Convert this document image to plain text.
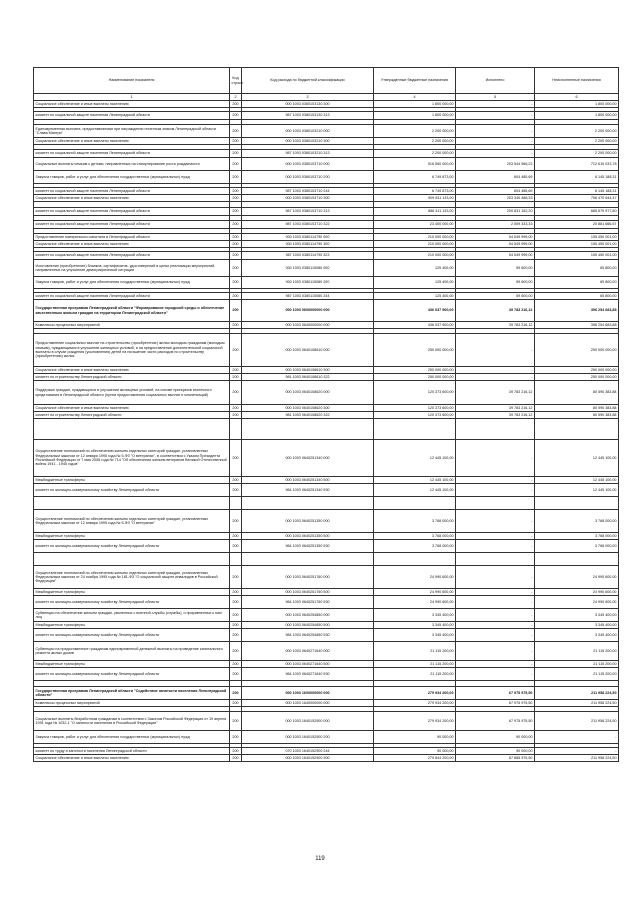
Наименование показателя	Код строки	Код расхода по бюджетной классификации	Утвержденные бюджетные назначения	Исполнено	Неисполненные назначения
1	2	3	4	5	6
Социальное обеспечение и иные выплаты населению	200	000 1003 0380103130 300	1 800 000,00	-	1 800 000,00

комитет по социальной защите населения Ленинградской области	200	987 1003 0380103130 313	1 800 000,00	-	1 800 000,00

Единовременная выплата, предоставляемая при награждении почетным знаком Ленинградской области "Слава Матери"	200	000 1003 0380103210 000	2 200 000,00	-	2 200 000,00
Социальное обеспечение и иные выплаты населению	200	000 1003 0380103210 300	2 200 000,00	-	2 200 000,00

комитет по социальной защите населения Ленинградской области	200	987 1003 0380103210 313	2 200 000,00	-	2 200 000,00
Социальные выплаты семьям с детьми, направленные на стимулирование роста рождаемости	200	000 1003 0380103710 000	916 560 000,00	203 944 966,22	712 615 033,78
Закупка товаров, работ и услуг для обеспечения государственных (муниципальных) нужд	200	000 1003 0380103710 200	6 749 873,00	604 485,69	6 145 188,31

комитет по социальной защите населения Ленинградской области	200	987 1003 0380103710 244	6 749 873,00	604 485,69	6 145 188,31
Социальное обеспечение и иные выплаты населению	200	000 1003 0380103710 300	909 811 133,00	203 340 488,33	706 470 644,47

комитет по социальной защите населения Ленинградской области	200	987 1003 0380103710 313	886 411 133,00	200 831 152,20	685 579 977,80

комитет по социальной защите населения Ленинградской области	200	987 1003 0380103710 322	23 400 000,00	2 509 333,33	20 881 666,67

Предоставление материнского капитала в Ленинградской области	200	000 1003 0380114790 000	210 000 000,00	54 549 999,00	155 450 001,00
Социальное обеспечение и иные выплаты населению	200	000 1003 0380114790 300	210 000 000,00	54 549 999,00	155 450 001,00

комитет по социальной защите населения Ленинградской области	200	987 1003 0380114790 323	210 000 000,00	54 549 999,00	155 450 001,00
Изготовление (приобретение) бланков, сертификатов, удостоверений в целях реализации мероприятий, направленных на улучшение демографической ситуации	200	000 1003 0380115080 000	125 400,00	59 600,00	65 800,00
Закупка товаров, работ и услуг для обеспечения государственных (муниципальных) нужд	200	000 1003 0380115080 200	125 400,00	59 600,00	65 800,00

комитет по социальной защите населения Ленинградской области	200	987 1003 0380115080 244	125 400,00	59 600,00	65 800,00
Государственная программа Ленинградской области "Формирование городской среды и обеспечение качественным жильем граждан на территории Ленинградской области"	200	000 1003 0600000000 000	436 037 900,00	39 783 216,12	396 254 683,88
Комплексы процессных мероприятий	200	000 1003 0640000000 000	436 037 900,00	39 783 216,12	396 254 683,88

Предоставление социальных выплат на строительство (приобретение) жилья молодым гражданам (молодым семьям), нуждающимся в улучшении жилищных условий, и на предоставление дополнительной социальной выплаты в случае рождения (усыновления) детей на погашение части расходов по строительству (приобретению) жилья	200	000 1003 0640108610 000	250 000 000,00	-	250 000 000,00
Социальное обеспечение и иные выплаты населению	200	000 1003 0640108610 300	250 000 000,00	-	250 000 000,00
комитет по строительству Ленинградской области	200	981 1003 0640108610 322	250 000 000,00	-	250 000 000,00
Поддержка граждан, нуждающихся в улучшении жилищных условий, на основе принципов ипотечного кредитования в Ленинградской области (путем предоставления социальных выплат и компенсаций)	200	000 1003 0640108620 000	120 373 600,00	39 783 216,12	80 590 383,88
Социальное обеспечение и иные выплаты населению	200	000 1003 0640108620 300	120 373 600,00	39 783 216,12	80 590 383,88
комитет по строительству Ленинградской области	200	981 1003 0640108620 322	120 373 600,00	39 783 216,12	80 590 383,88

Осуществление полномочий по обеспечению жильем отдельных категорий граждан, установленных Федеральным законом от 12 января 1995 года № 5-ФЗ "О ветеранах", в соответствии с Указом Президента Российской Федерации от 7 мая 2008 года № 714 "Об обеспечении жильем ветеранов Великой Отечественной войны 1941 - 1945 годов"	200	000 1003 0640251340 000	12 445 100,00	-	12 445 100,00
Межбюджетные трансферты	200	000 1003 0640251340 500	12 445 100,00	-	12 445 100,00
комитет по жилищно-коммунальному хозяйству Ленинградской области	200	984 1003 0640251340 530	12 445 100,00	-	12 445 100,00

Осуществление полномочий по обеспечению жильем отдельных категорий граждан, установленных Федеральным законом от 12 января 1995 года № 5-ФЗ "О ветеранах"	200	000 1003 0640251350 000	3 768 000,00	-	3 768 000,00
Межбюджетные трансферты	200	000 1003 0640251350 500	3 768 000,00	-	3 768 000,00
комитет по жилищно-коммунальному хозяйству Ленинградской области	200	984 1003 0640251350 530	3 768 000,00	-	3 768 000,00

Осуществление полномочий по обеспечению жильем отдельных категорий граждан, установленных Федеральным законом от 24 ноября 1995 года № 181-ФЗ "О социальной защите инвалидов в Российской Федерации"	200	000 1003 0640251760 000	24 990 600,00	-	24 990 600,00
Межбюджетные трансферты	200	000 1003 0640251760 500	24 990 600,00	-	24 990 600,00
комитет по жилищно-коммунальному хозяйству Ленинградской области	200	984 1003 0640251760 530	24 990 600,00	-	24 990 600,00
Субвенции на обеспечение жильем граждан, уволенных с военной службы (службы), и приравненных к ним лиц	200	000 1003 0640254850 000	3 345 400,00	-	3 345 400,00
Межбюджетные трансферты	200	000 1003 0640254850 500	3 345 400,00	-	3 345 400,00
комитет по жилищно-коммунальному хозяйству Ленинградской области	200	984 1003 0640254850 530	3 345 400,00	-	3 345 400,00
Субвенции на предоставление гражданам единовременной денежной выплаты на проведение капитального ремонта жилых домов	200	000 1003 0640271640 000	21 115 200,00	-	21 115 200,00
Межбюджетные трансферты	200	000 1003 0640271640 500	21 115 200,00	-	21 115 200,00
комитет по жилищно-коммунальному хозяйству Ленинградской области	200	984 1003 0640271640 530	21 115 200,00	-	21 115 200,00

Государственная программа Ленинградской области "Содействие занятости населения Ленинградской области"	200	000 1003 1600000000 000	279 934 200,00	67 975 975,50	211 958 224,50
Комплексы процессных мероприятий	200	000 1003 1640000000 000	279 934 200,00	67 975 975,50	211 958 224,50

Социальные выплаты безработным гражданам в соответствии с Законом Российской Федерации от 19 апреля 1991 года № 1032-1 "О занятости населения в Российской Федерации"	200	000 1003 1640152900 000	279 934 200,00	67 975 975,50	211 958 224,50
Закупка товаров, работ и услуг для обеспечения государственных (муниципальных) нужд	200	000 1003 1640152900 200	90 000,00	90 000,00	-

комитет по труду и занятости населения Ленинградской области	200	070 1003 1640152900 244	90 000,00	90 000,00	-
Социальное обеспечение и иные выплаты населению	200	000 1003 1640152900 300	279 844 200,00	67 885 975,50	211 958 224,50
119
